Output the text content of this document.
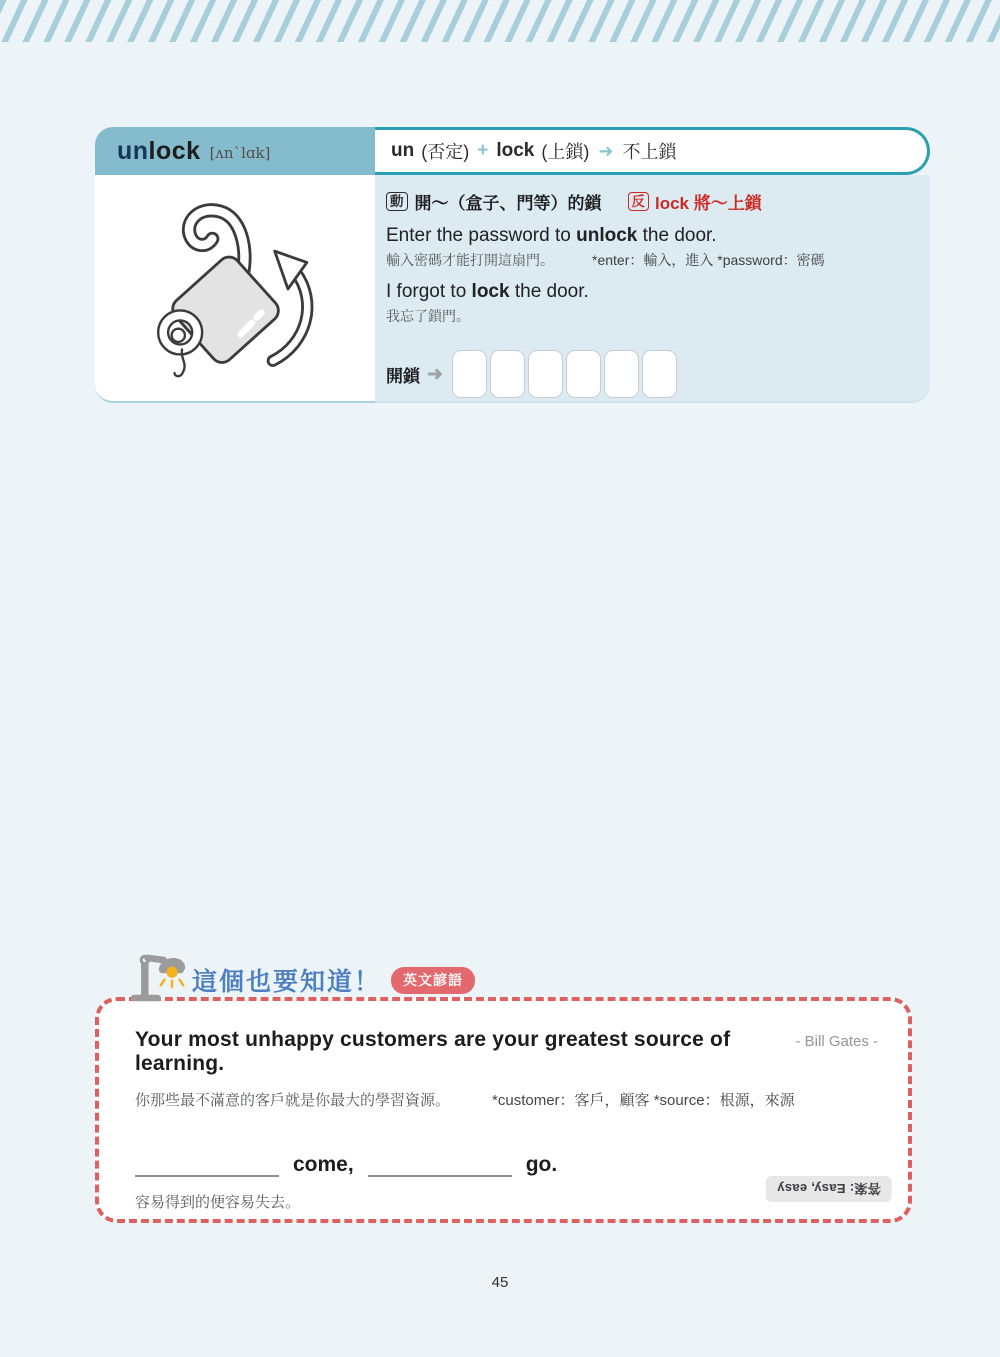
unlock [ʌn`lɑk]	un (否定) + lock (上鎖) ➜ 不上鎖
動 開～（盒子、門等）的鎖 反 lock 將～上鎖
Enter the password to unlock the door.
輸入密碼才能打開這扇門。	*enter：輸入，進入 *password：密碼
I forgot to lock the door.
我忘了鎖門。
開鎖 ➜
這個也要知道！	英文諺語
Your most unhappy customers are your greatest source of learning.
- Bill Gates -
你那些最不滿意的客戶就是你最大的學習資源。	*customer：客戶，顧客 *source：根源，來源
come,	go.
容易得到的便容易失去。
答案: Easy, easy
45
